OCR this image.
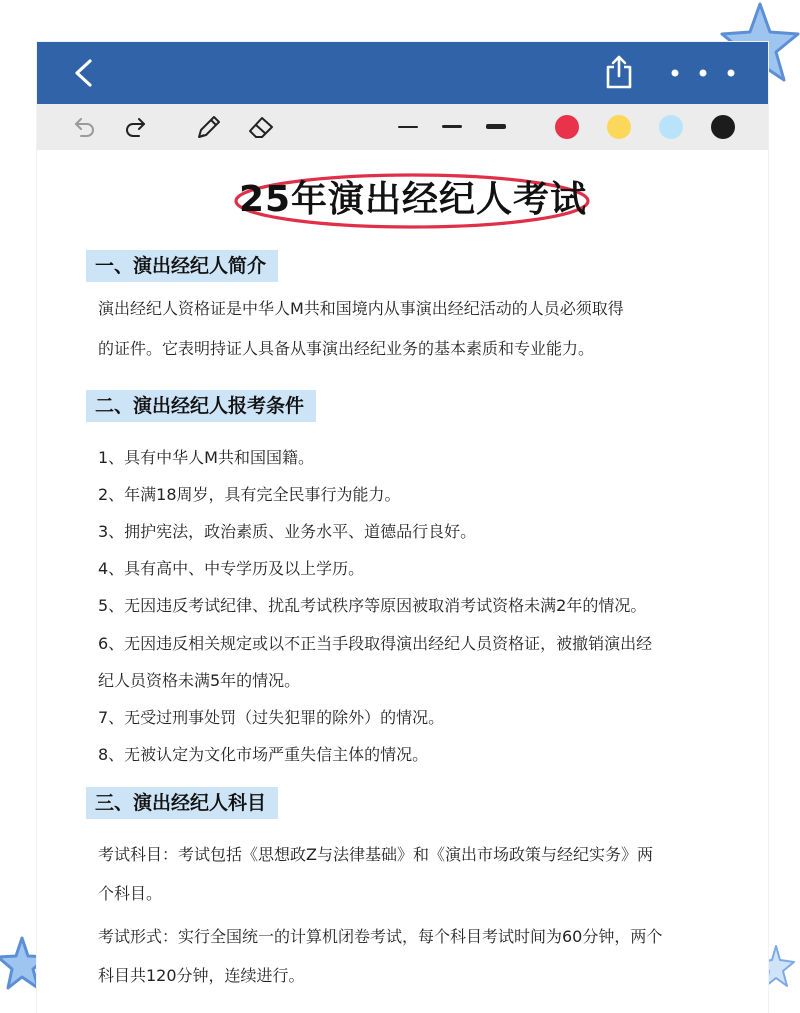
25年演出经纪人考试
一、演出经纪人简介
演出经纪人资格证是中华人M共和国境内从事演出经纪活动的人员必须取得
的证件。它表明持证人具备从事演出经纪业务的基本素质和专业能力。
二、演出经纪人报考条件
1、具有中华人M共和国国籍。
2、年满18周岁，具有完全民事行为能力。
3、拥护宪法，政治素质、业务水平、道德品行良好。
4、具有高中、中专学历及以上学历。
5、无因违反考试纪律、扰乱考试秩序等原因被取消考试资格未满2年的情况。
6、无因违反相关规定或以不正当手段取得演出经纪人员资格证，被撤销演出经
纪人员资格未满5年的情况。
7、无受过刑事处罚（过失犯罪的除外）的情况。
8、无被认定为文化市场严重失信主体的情况。
三、演出经纪人科目
考试科目：考试包括《思想政Z与法律基础》和《演出市场政策与经纪实务》两
个科目。
考试形式：实行全国统一的计算机闭卷考试，每个科目考试时间为60分钟，两个
科目共120分钟，连续进行。
